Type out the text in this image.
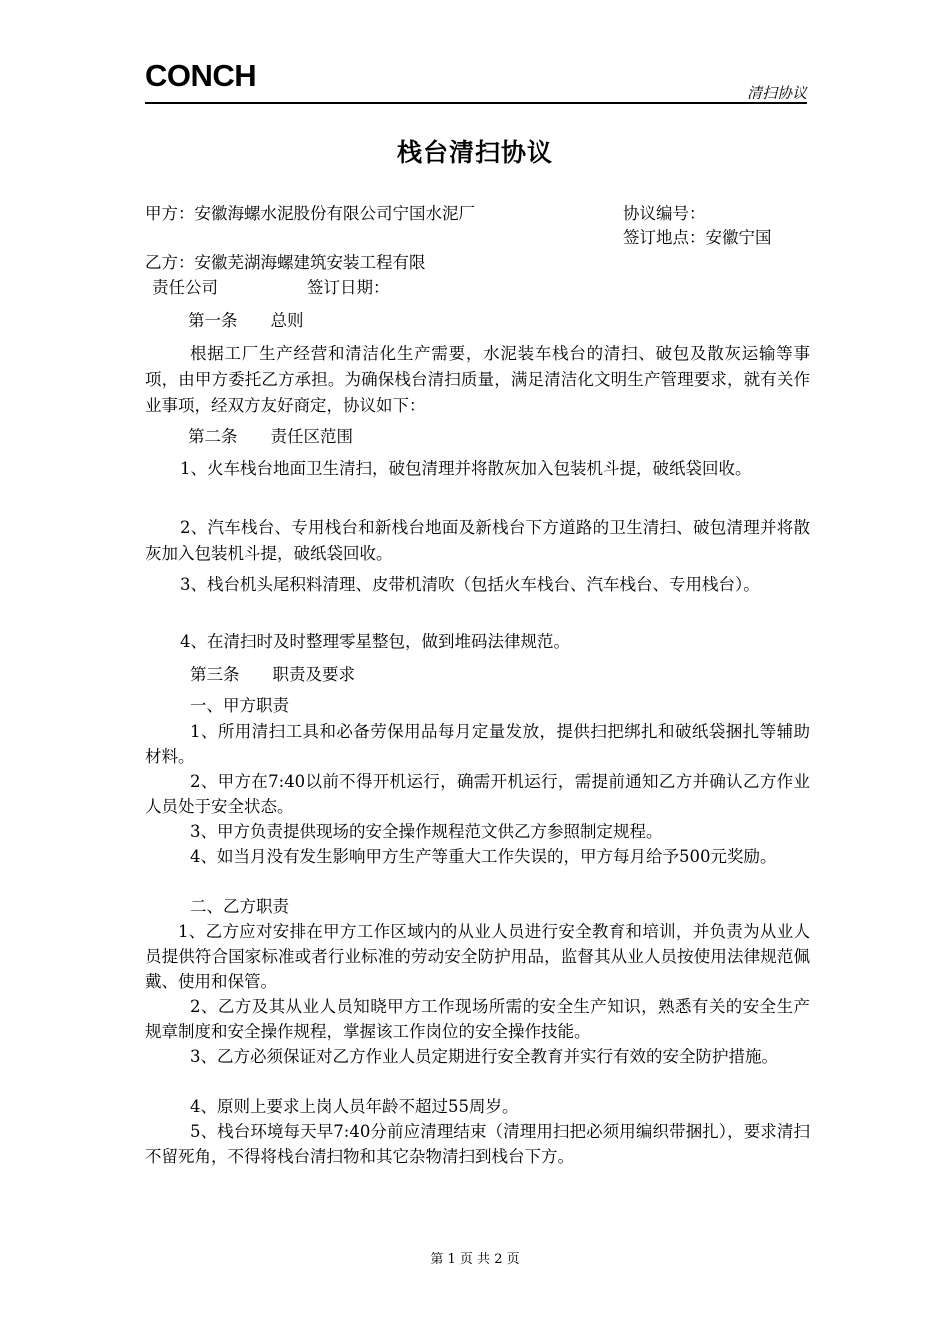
CONCH	清扫协议
栈台清扫协议
甲方：安徽海螺水泥股份有限公司宁国水泥厂	协议编号：
签订地点：安徽宁国
乙方：安徽芜湖海螺建筑安装工程有限
责任公司	签订日期：
第一条　　总则
根据工厂生产经营和清洁化生产需要，水泥装车栈台的清扫、破包及散灰运输等事项，由甲方委托乙方承担。为确保栈台清扫质量，满足清洁化文明生产管理要求，就有关作业事项，经双方友好商定，协议如下：
第二条　　责任区范围
1、火车栈台地面卫生清扫，破包清理并将散灰加入包装机斗提，破纸袋回收。
2、汽车栈台、专用栈台和新栈台地面及新栈台下方道路的卫生清扫、破包清理并将散灰加入包装机斗提，破纸袋回收。
3、栈台机头尾积料清理、皮带机清吹（包括火车栈台、汽车栈台、专用栈台）。
4、在清扫时及时整理零星整包，做到堆码法律规范。
第三条　　职责及要求
一、甲方职责
1、所用清扫工具和必备劳保用品每月定量发放，提供扫把绑扎和破纸袋捆扎等辅助材料。
2、甲方在7:40以前不得开机运行，确需开机运行，需提前通知乙方并确认乙方作业人员处于安全状态。
3、甲方负责提供现场的安全操作规程范文供乙方参照制定规程。
4、如当月没有发生影响甲方生产等重大工作失误的，甲方每月给予500元奖励。
二、乙方职责
1、乙方应对安排在甲方工作区域内的从业人员进行安全教育和培训，并负责为从业人员提供符合国家标准或者行业标准的劳动安全防护用品，监督其从业人员按使用法律规范佩戴、使用和保管。
2、乙方及其从业人员知晓甲方工作现场所需的安全生产知识，熟悉有关的安全生产规章制度和安全操作规程，掌握该工作岗位的安全操作技能。
3、乙方必须保证对乙方作业人员定期进行安全教育并实行有效的安全防护措施。
4、原则上要求上岗人员年龄不超过55周岁。
5、栈台环境每天早7:40分前应清理结束（清理用扫把必须用编织带捆扎），要求清扫不留死角，不得将栈台清扫物和其它杂物清扫到栈台下方。
第 1 页 共 2 页
